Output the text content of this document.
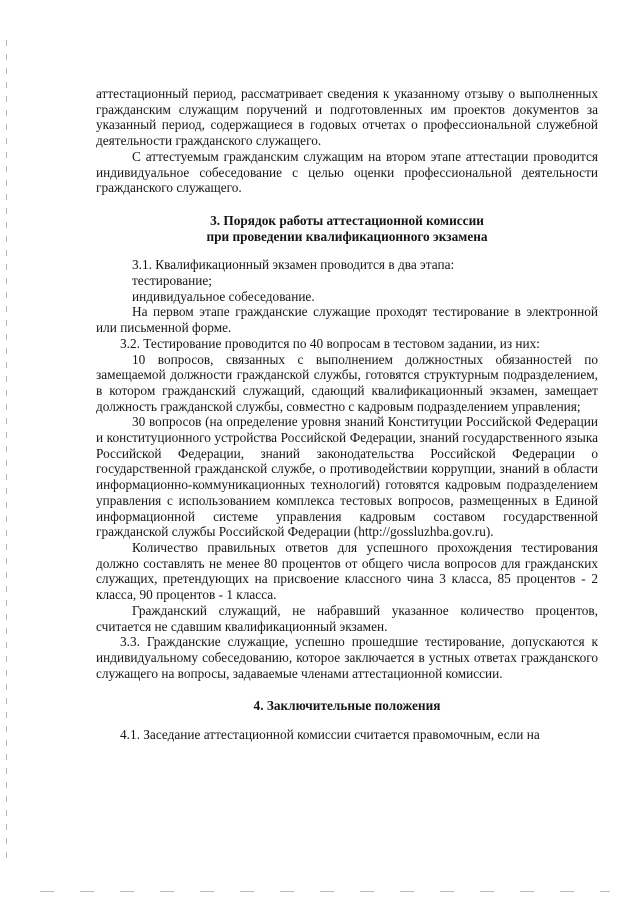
аттестационный период, рассматривает сведения к указанному отзыву о выполненных гражданским служащим поручений и подготовленных им проектов документов за указанный период, содержащиеся в годовых отчетах о профессиональной служебной деятельности гражданского служащего.

С аттестуемым гражданским служащим на втором этапе аттестации проводится индивидуальное собеседование с целью оценки профессиональной деятельности гражданского служащего.

3. Порядок работы аттестационной комиссии

при проведении квалификационного экзамена

3.1. Квалификационный экзамен проводится в два этапа:

тестирование;

индивидуальное собеседование.

На первом этапе гражданские служащие проходят тестирование в электронной или письменной форме.

3.2. Тестирование проводится по 40 вопросам в тестовом задании, из них:

10 вопросов, связанных с выполнением должностных обязанностей по замещаемой должности гражданской службы, готовятся структурным подразделением, в котором гражданский служащий, сдающий квалификационный экзамен, замещает должность гражданской службы, совместно с кадровым подразделением управления;

30 вопросов (на определение уровня знаний Конституции Российской Федерации и конституционного устройства Российской Федерации, знаний государственного языка Российской Федерации, знаний законодательства Российской Федерации о государственной гражданской службе, о противодействии коррупции, знаний в области информационно-коммуникационных технологий) готовятся кадровым подразделением управления с использованием комплекса тестовых вопросов, размещенных в Единой информационной системе управления кадровым составом государственной гражданской службы Российской Федерации (http://gossluzhba.gov.ru).

Количество правильных ответов для успешного прохождения тестирования должно составлять не менее 80 процентов от общего числа вопросов для гражданских служащих, претендующих на присвоение классного чина 3 класса, 85 процентов - 2 класса, 90 процентов - 1 класса.

Гражданский служащий, не набравший указанное количество процентов, считается не сдавшим квалификационный экзамен.

3.3. Гражданские служащие, успешно прошедшие тестирование, допускаются к индивидуальному собеседованию, которое заключается в устных ответах гражданского служащего на вопросы, задаваемые членами аттестационной комиссии.

4. Заключительные положения

4.1. Заседание аттестационной комиссии считается правомочным, если на
